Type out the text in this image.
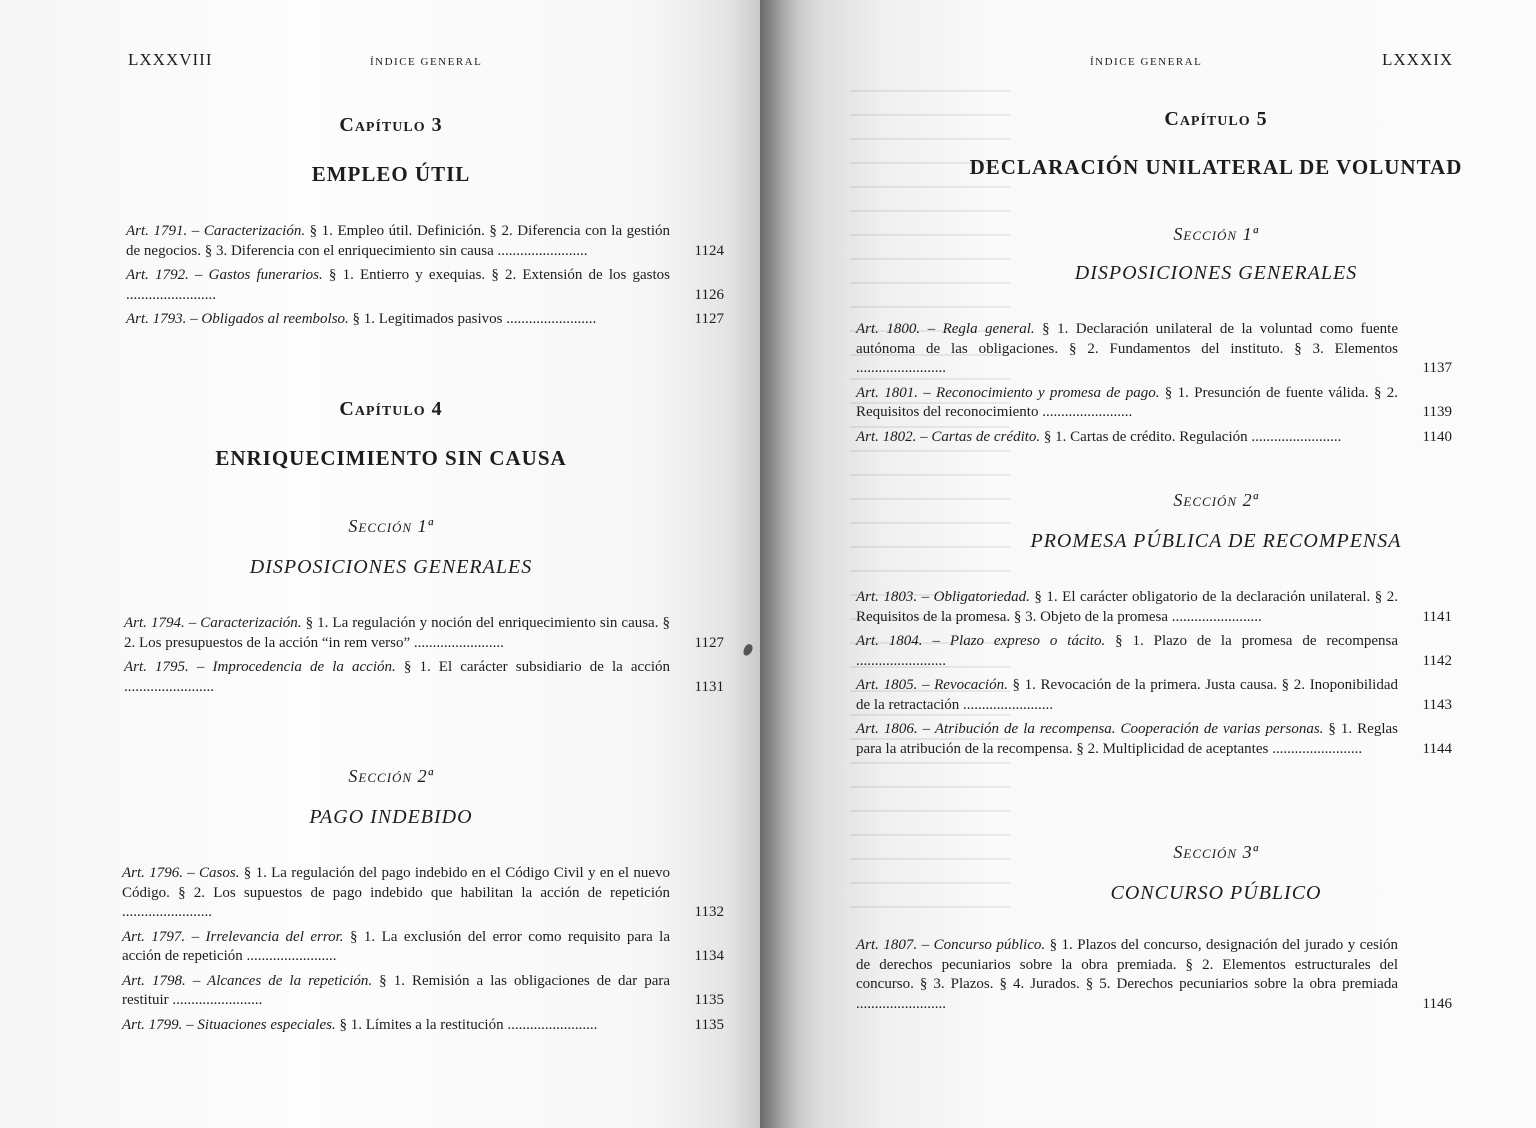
LXXXVIII	ÍNDICE GENERAL
Capítulo 3
EMPLEO ÚTIL
Art. 1791. – Caracterización. § 1. Empleo útil. Definición. § 2. Diferencia con la gestión de negocios. § 3. Diferencia con el enriquecimiento sin causa ........................	1124
Art. 1792. – Gastos funerarios. § 1. Entierro y exequias. § 2. Extensión de los gastos ........................	1126
Art. 1793. – Obligados al reembolso. § 1. Legitimados pasivos ........................	1127
Capítulo 4
ENRIQUECIMIENTO SIN CAUSA
Sección 1ª
DISPOSICIONES GENERALES
Art. 1794. – Caracterización. § 1. La regulación y noción del enriquecimiento sin causa. § 2. Los presupuestos de la acción “in rem verso” ........................	1127
Art. 1795. – Improcedencia de la acción. § 1. El carácter subsidiario de la acción ........................	1131
Sección 2ª
PAGO INDEBIDO
Art. 1796. – Casos. § 1. La regulación del pago indebido en el Código Civil y en el nuevo Código. § 2. Los supuestos de pago indebido que habilitan la acción de repetición ........................	1132
Art. 1797. – Irrelevancia del error. § 1. La exclusión del error como requisito para la acción de repetición ........................	1134
Art. 1798. – Alcances de la repetición. § 1. Remisión a las obligaciones de dar para restituir ........................	1135
Art. 1799. – Situaciones especiales. § 1. Límites a la restitución ........................	1135
ÍNDICE GENERAL	LXXXIX
Capítulo 5
DECLARACIÓN UNILATERAL DE VOLUNTAD
Sección 1ª
DISPOSICIONES GENERALES
Art. 1800. – Regla general. § 1. Declaración unilateral de la voluntad como fuente autónoma de las obligaciones. § 2. Fundamentos del instituto. § 3. Elementos ........................	1137
Art. 1801. – Reconocimiento y promesa de pago. § 1. Presunción de fuente válida. § 2. Requisitos del reconocimiento ........................	1139
Art. 1802. – Cartas de crédito. § 1. Cartas de crédito. Regulación ........................	1140
Sección 2ª
PROMESA PÚBLICA DE RECOMPENSA
Art. 1803. – Obligatoriedad. § 1. El carácter obligatorio de la declaración unilateral. § 2. Requisitos de la promesa. § 3. Objeto de la promesa ........................	1141
Art. 1804. – Plazo expreso o tácito. § 1. Plazo de la promesa de recompensa ........................	1142
Art. 1805. – Revocación. § 1. Revocación de la primera. Justa causa. § 2. Inoponibilidad de la retractación ........................	1143
Art. 1806. – Atribución de la recompensa. Cooperación de varias personas. § 1. Reglas para la atribución de la recompensa. § 2. Multiplicidad de aceptantes ........................	1144
Sección 3ª
CONCURSO PÚBLICO
Art. 1807. – Concurso público. § 1. Plazos del concurso, designación del jurado y cesión de derechos pecuniarios sobre la obra premiada. § 2. Elementos estructurales del concurso. § 3. Plazos. § 4. Jurados. § 5. Derechos pecuniarios sobre la obra premiada ........................	1146
